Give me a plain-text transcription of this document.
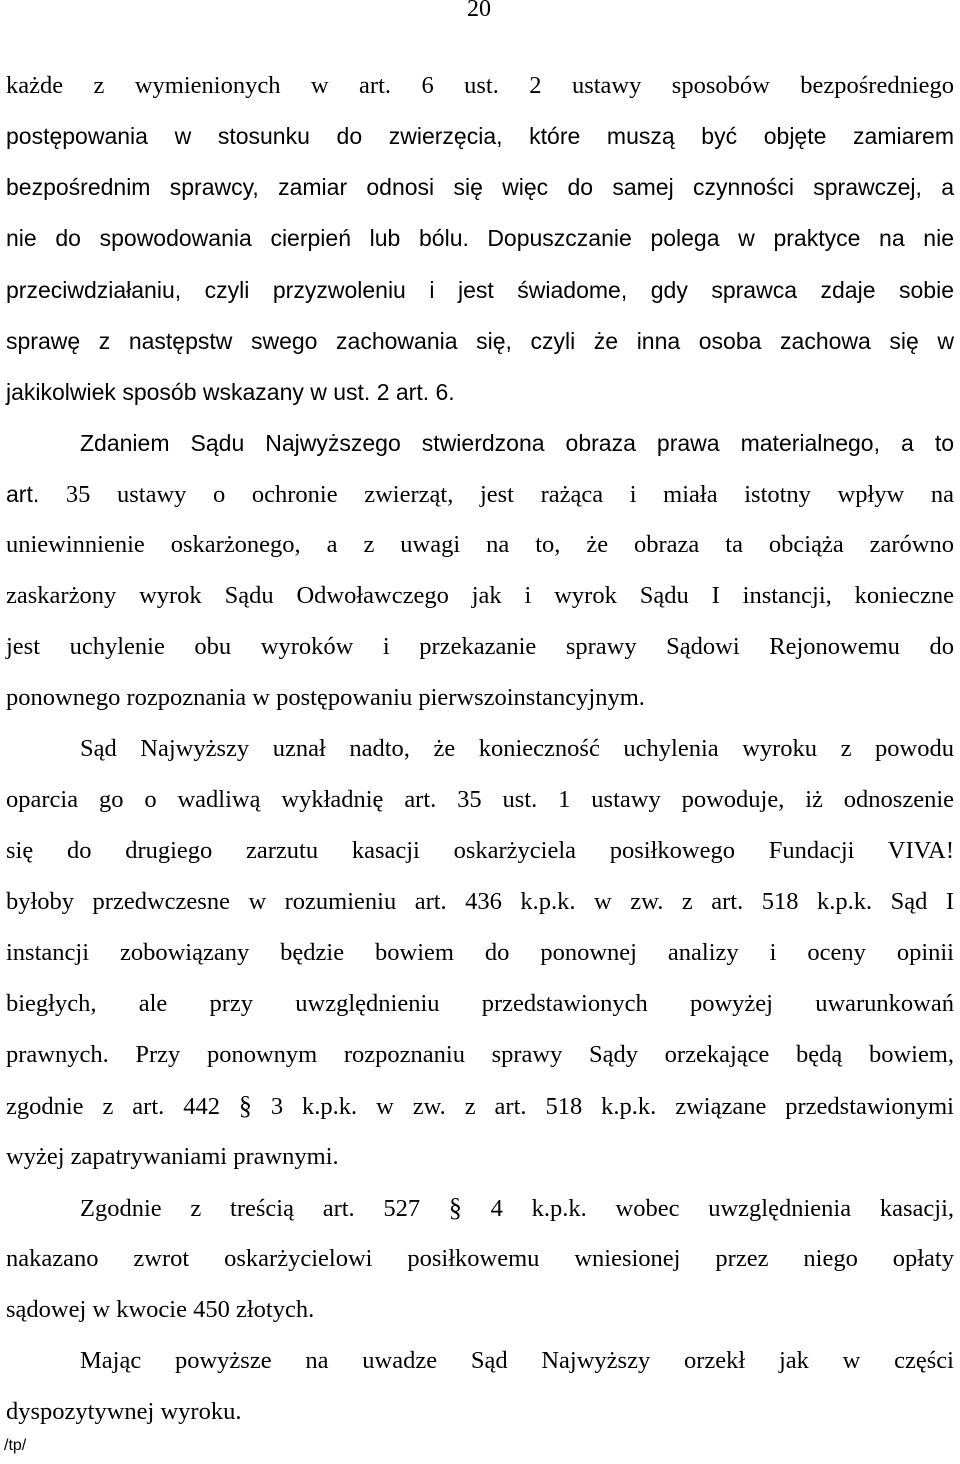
20
każde z wymienionych w art. 6 ust. 2 ustawy sposobów bezpośredniego
postępowania w stosunku do zwierzęcia, które muszą być objęte zamiarem
bezpośrednim sprawcy, zamiar odnosi się więc do samej czynności sprawczej, a
nie do spowodowania cierpień lub bólu. Dopuszczanie polega w praktyce na nie
przeciwdziałaniu, czyli przyzwoleniu i jest świadome, gdy sprawca zdaje sobie
sprawę z następstw swego zachowania się, czyli że inna osoba zachowa się w
jakikolwiek sposób wskazany w ust. 2 art. 6.
Zdaniem Sądu Najwyższego stwierdzona obraza prawa materialnego, a to
art. 35 ustawy o ochronie zwierząt, jest rażąca i miała istotny wpływ na
uniewinnienie oskarżonego, a z uwagi na to, że obraza ta obciąża zarówno
zaskarżony wyrok Sądu Odwoławczego jak i wyrok Sądu I instancji, konieczne
jest uchylenie obu wyroków i przekazanie sprawy Sądowi Rejonowemu do
ponownego rozpoznania w postępowaniu pierwszoinstancyjnym.
Sąd Najwyższy uznał nadto, że konieczność uchylenia wyroku z powodu
oparcia go o wadliwą wykładnię art. 35 ust. 1 ustawy powoduje, iż odnoszenie
się do drugiego zarzutu kasacji oskarżyciela posiłkowego Fundacji VIVA!
byłoby przedwczesne w rozumieniu art. 436 k.p.k. w zw. z art. 518 k.p.k. Sąd I
instancji zobowiązany będzie bowiem do ponownej analizy i oceny opinii
biegłych, ale przy uwzględnieniu przedstawionych powyżej uwarunkowań
prawnych. Przy ponownym rozpoznaniu sprawy Sądy orzekające będą bowiem,
zgodnie z art. 442 § 3 k.p.k. w zw. z art. 518 k.p.k. związane przedstawionymi
wyżej zapatrywaniami prawnymi.
Zgodnie z treścią art. 527 § 4 k.p.k. wobec uwzględnienia kasacji,
nakazano zwrot oskarżycielowi posiłkowemu wniesionej przez niego opłaty
sądowej w kwocie 450 złotych.
Mając powyższe na uwadze Sąd Najwyższy orzekł jak w części
dyspozytywnej wyroku.
/tp/
